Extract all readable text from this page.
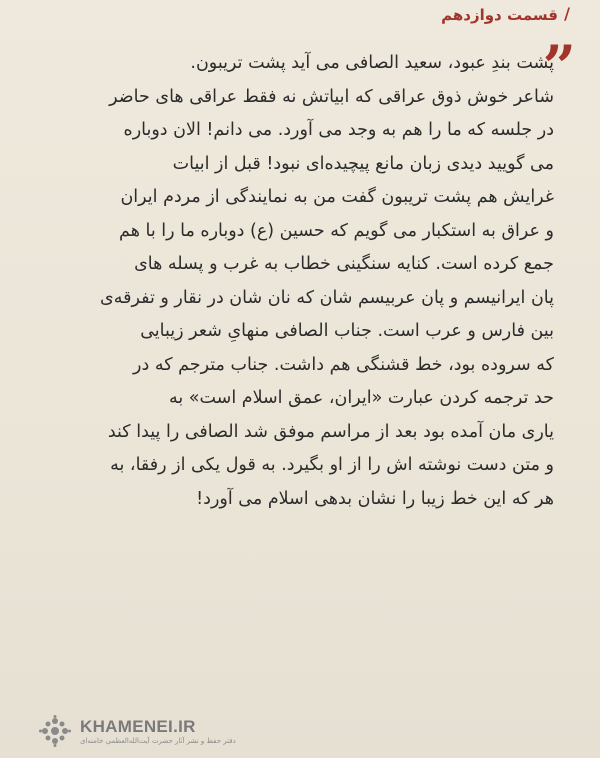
/
قسمت دوازدهم
”
پشت بندِ عبود، سعید الصافی می آید پشت تریبون.
شاعر خوش ذوق عراقی که ابیاتش نه فقط عراقی های حاضر
در جلسه که ما را هم به وجد می آورد. می دانم! الان دوباره
می گویید دیدی زبان مانع پیچیده‌ای نبود! قبل از ابیات
غرایش هم پشت تریبون گفت من به نمایندگی از مردم ایران
و عراق به استکبار می گویم که حسین (ع) دوباره ما را با هم
جمع کرده است. کنایه سنگینی خطاب به غرب و پسله های
پان ایرانیسم و پان عربیسم شان که نان شان در نقار و تفرقه‌ی
بین فارس و عرب است. جناب الصافی منهایِ شعر زیبایی
که سروده بود، خط قشنگی هم داشت. جناب مترجم که در
حد ترجمه کردن عبارت «ایران، عمق اسلام است» به
یاری مان آمده بود بعد از مراسم موفق شد الصافی را پیدا کند
و متن دست نوشته اش را از او بگیرد. به قول یکی از رفقا، به
هر که این خط زیبا را نشان بدهی اسلام می آورد!
KHAMENEI.IR
دفتر حفظ و نشر آثار حضرت آیت‌الله‌العظمی خامنه‌ای
